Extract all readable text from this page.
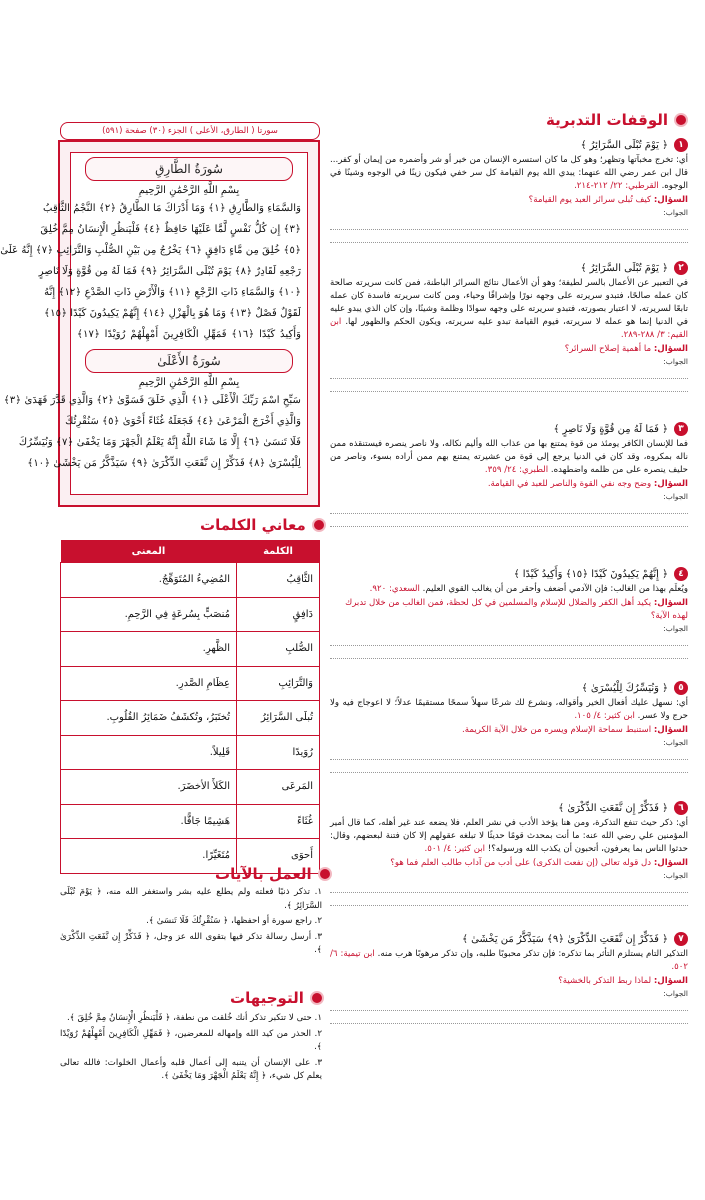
الوقفات التدبرية
١
﴿ يَوْمَ تُبْلَى السَّرَائِرُ ﴾
أي: تخرج مخبآتها وتظهر؛ وهو كل ما كان استسره الإنسان من خير أو شر وأضمره من إيمان أو كفر... قال ابن عمر رضي الله عنهما: يبدي الله يوم القيامة كل سر خفي فيكون زينًا في الوجوه وشينًا في الوجوه. القرطبي: ٢٢/ ٢١٢-٢١٤.
السؤال: كيف تُبلى سرائر العبد يوم القيامة؟
الجواب:
٢
﴿ يَوْمَ تُبْلَى السَّرَائِرُ ﴾
في التعبير عن الأعمال بالسر لطيفة؛ وهو أن الأعمال نتائج السرائر الباطنة، فمن كانت سريرته صالحة كان عمله صالحًا، فتبدو سريرته على وجهه نورًا وإشراقًا وحياء، ومن كانت سريرته فاسدة كان عمله تابعًا لسريرته، لا اعتبار بصورته، فتبدو سريرته على وجهه سوادًا وظلمة وشينًا، وإن كان الذي يبدو عليه في الدنيا إنما هو عمله لا سريرته، فيوم القيامة تبدو عليه سريرته، ويكون الحكم والظهور لها. ابن القيم: ٣/ ٢٨٨-٢٨٩.
السؤال: ما أهمية إصلاح السرائر؟
الجواب:
٣
﴿ فَمَا لَهُ مِن قُوَّةٍ وَلَا نَاصِرٍ ﴾
فما للإنسان الكافر يومئذ من قوة يمتنع بها من عذاب الله وأليم نكاله، ولا ناصر ينصره فيستنقذه ممن ناله بمكروه، وقد كان في الدنيا يرجع إلى قوة من عشيرته يمتنع بهم ممن أراده بسوء، وناصر من حليف ينصره على من ظلمه واضطهده. الطبري: ٢٤/ ٣٥٩.
السؤال: وضح وجه نفي القوة والناصر للعبد في القيامة.
الجواب:
٤
﴿ إِنَّهُمْ يَكِيدُونَ كَيْدًا ﴿١٥﴾ وَأَكِيدُ كَيْدًا ﴾
ويُعلَم بهذا من الغالب: فإن الآدمي أضعف وأحقر من أن يغالب القوي العليم. السعدي: ٩٢٠.
السؤال: يكيد أهل الكفر والضلال للإسلام والمسلمين في كل لحظة، فمن الغالب من خلال تدبرك لهذه الآية؟
الجواب:
٥
﴿ وَنُيَسِّرُكَ لِلْيُسْرَىٰ ﴾
أي: نسهل عليك أفعال الخير وأقواله، ونشرع لك شرعًا سهلاً سمحًا مستقيمًا عدلاً؛ لا اعوجاج فيه ولا حرج ولا عسر. ابن كثير: ٤/ ١٠٥.
السؤال: استنبط سماحة الإسلام ويسره من خلال الآية الكريمة.
الجواب:
٦
﴿ فَذَكِّرْ إِن نَّفَعَتِ الذِّكْرَىٰ ﴾
أي: ذكر حيث تنفع التذكرة، ومن هنا يؤخذ الأدب في نشر العلم، فلا يضعه عند غير أهله، كما قال أمير المؤمنين علي رضي الله عنه: ما أنت بمحدث قومًا حديثًا لا تبلغه عقولهم إلا كان فتنة لبعضهم، وقال: حدثوا الناس بما يعرفون، أتحبون أن يكذب الله ورسوله؟! ابن كثير: ٤/ ٥٠١.
السؤال: دل قوله تعالى (إن نفعت الذكرى) على أدب من آداب طالب العلم فما هو؟
الجواب:
٧
﴿ فَذَكِّرْ إِن نَّفَعَتِ الذِّكْرَىٰ ﴿٩﴾ سَيَذَّكَّرُ مَن يَخْشَىٰ ﴾
التذكير التام يستلزم التأثر بما تذكره: فإن تذكر محبوبًا طلبه، وإن تذكر مرهوبًا هرب منه. ابن تيمية: ٦/ ٥٠٢.
السؤال: لماذا ربط التذكر بالخشية؟
الجواب:
سورتا ( الطارق، الأعلى ) الجزء (٣٠) صفحة (٥٩١)
سُورَةُ الطَّارِقِ
بِسْمِ اللَّهِ الرَّحْمَٰنِ الرَّحِيمِ
وَالسَّمَاءِ وَالطَّارِقِ ﴿١﴾ وَمَا أَدْرَاكَ مَا الطَّارِقُ ﴿٢﴾ النَّجْمُ الثَّاقِبُ
﴿٣﴾ إِن كُلُّ نَفْسٍ لَّمَّا عَلَيْهَا حَافِظٌ ﴿٤﴾ فَلْيَنظُرِ الْإِنسَانُ مِمَّ خُلِقَ
﴿٥﴾ خُلِقَ مِن مَّاءٍ دَافِقٍ ﴿٦﴾ يَخْرُجُ مِن بَيْنِ الصُّلْبِ وَالتَّرَائِبِ ﴿٧﴾ إِنَّهُ عَلَىٰ
رَجْعِهِ لَقَادِرٌ ﴿٨﴾ يَوْمَ تُبْلَى السَّرَائِرُ ﴿٩﴾ فَمَا لَهُ مِن قُوَّةٍ وَلَا نَاصِرٍ
﴿١٠﴾ وَالسَّمَاءِ ذَاتِ الرَّجْعِ ﴿١١﴾ وَالْأَرْضِ ذَاتِ الصَّدْعِ ﴿١٢﴾ إِنَّهُ
لَقَوْلٌ فَصْلٌ ﴿١٣﴾ وَمَا هُوَ بِالْهَزْلِ ﴿١٤﴾ إِنَّهُمْ يَكِيدُونَ كَيْدًا ﴿١٥﴾
وَأَكِيدُ كَيْدًا ﴿١٦﴾ فَمَهِّلِ الْكَافِرِينَ أَمْهِلْهُمْ رُوَيْدًا ﴿١٧﴾
سُورَةُ الأَعْلَىٰ
بِسْمِ اللَّهِ الرَّحْمَٰنِ الرَّحِيمِ
سَبِّحِ اسْمَ رَبِّكَ الْأَعْلَى ﴿١﴾ الَّذِي خَلَقَ فَسَوَّىٰ ﴿٢﴾ وَالَّذِي قَدَّرَ فَهَدَىٰ ﴿٣﴾
وَالَّذِي أَخْرَجَ الْمَرْعَىٰ ﴿٤﴾ فَجَعَلَهُ غُثَاءً أَحْوَىٰ ﴿٥﴾ سَنُقْرِئُكَ
فَلَا تَنسَىٰ ﴿٦﴾ إِلَّا مَا شَاءَ اللَّهُ إِنَّهُ يَعْلَمُ الْجَهْرَ وَمَا يَخْفَىٰ ﴿٧﴾ وَنُيَسِّرُكَ
لِلْيُسْرَىٰ ﴿٨﴾ فَذَكِّرْ إِن نَّفَعَتِ الذِّكْرَىٰ ﴿٩﴾ سَيَذَّكَّرُ مَن يَخْشَىٰ ﴿١٠﴾
معاني الكلمات
الكلمة	المعنى
الثَّاقِبُ	المُضِيءُ المُتَوَهِّجُ.
دَافِقٍ	مُنصَبٍّ بِسُرعَةٍ فِي الرَّحِمِ.
الصُّلبِ	الظَّهرِ.
وَالتَّرَائِبِ	عِظَامِ الصَّدرِ.
تُبلَى السَّرَائِرُ	تُختَبَرُ، وتُكشَفُ ضَمَائِرُ القُلُوبِ.
رُوَيدًا	قَلِيلاً.
المَرعَى	الكَلأَ الأخضَرَ.
غُثَاءً	هَشِيمًا جَافًّا.
أَحوَى	مُتَغَيِّرًا.
العمل بالآيات

١. تذكر ذنبًا فعلته ولم يطلع عليه بشر واستغفر الله منه، ﴿ يَوْمَ تُبْلَى السَّرَائِرُ ﴾.

٢. راجع سورة أو احفظها، ﴿ سَنُقْرِئُكَ فَلَا تَنسَىٰ ﴾.

٣. أرسل رسالة تذكر فيها بتقوى الله عز وجل، ﴿ فَذَكِّرْ إِن نَّفَعَتِ الذِّكْرَىٰ ﴾.

التوجيهات

١. حتى لا تتكبر تذكر أنك خُلقت من نطفة، ﴿ فَلْيَنظُرِ الْإِنسَانُ مِمَّ خُلِقَ ﴾.

٢. الحذر من كيد الله وإمهاله للمعرضين، ﴿ فَمَهِّلِ الْكَافِرِينَ أَمْهِلْهُمْ رُوَيْدًا ﴾.

٣. على الإنسان أن يتنبه إلى أعمال قلبه وأعمال الخلوات: فالله تعالى يعلم كل شيء، ﴿ إِنَّهُ يَعْلَمُ الْجَهْرَ وَمَا يَخْفَىٰ ﴾.
